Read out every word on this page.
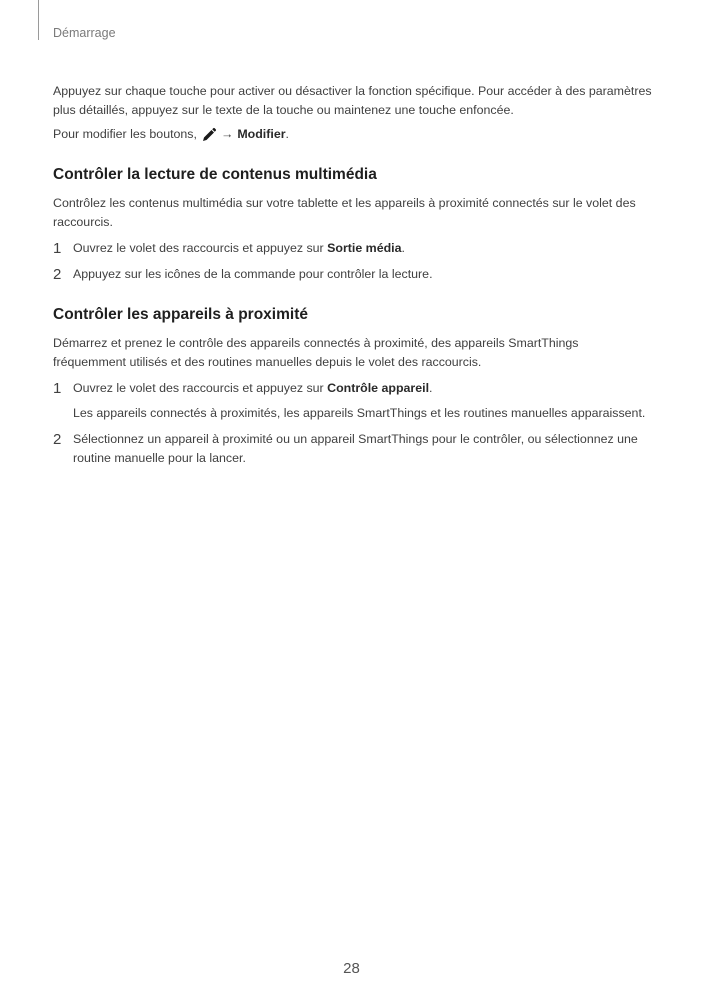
Démarrage

Appuyez sur chaque touche pour activer ou désactiver la fonction spécifique. Pour accéder à des paramètres plus détaillés, appuyez sur le texte de la touche ou maintenez une touche enfoncée.

Pour modifier les boutons, → Modifier.

Contrôler la lecture de contenus multimédia

Contrôlez les contenus multimédia sur votre tablette et les appareils à proximité connectés sur le volet des raccourcis.

1 Ouvrez le volet des raccourcis et appuyez sur Sortie média.

2 Appuyez sur les icônes de la commande pour contrôler la lecture.

Contrôler les appareils à proximité

Démarrez et prenez le contrôle des appareils connectés à proximité, des appareils SmartThings fréquemment utilisés et des routines manuelles depuis le volet des raccourcis.

1 Ouvrez le volet des raccourcis et appuyez sur Contrôle appareil.

Les appareils connectés à proximités, les appareils SmartThings et les routines manuelles apparaissent.

2 Sélectionnez un appareil à proximité ou un appareil SmartThings pour le contrôler, ou sélectionnez une routine manuelle pour la lancer.

28
